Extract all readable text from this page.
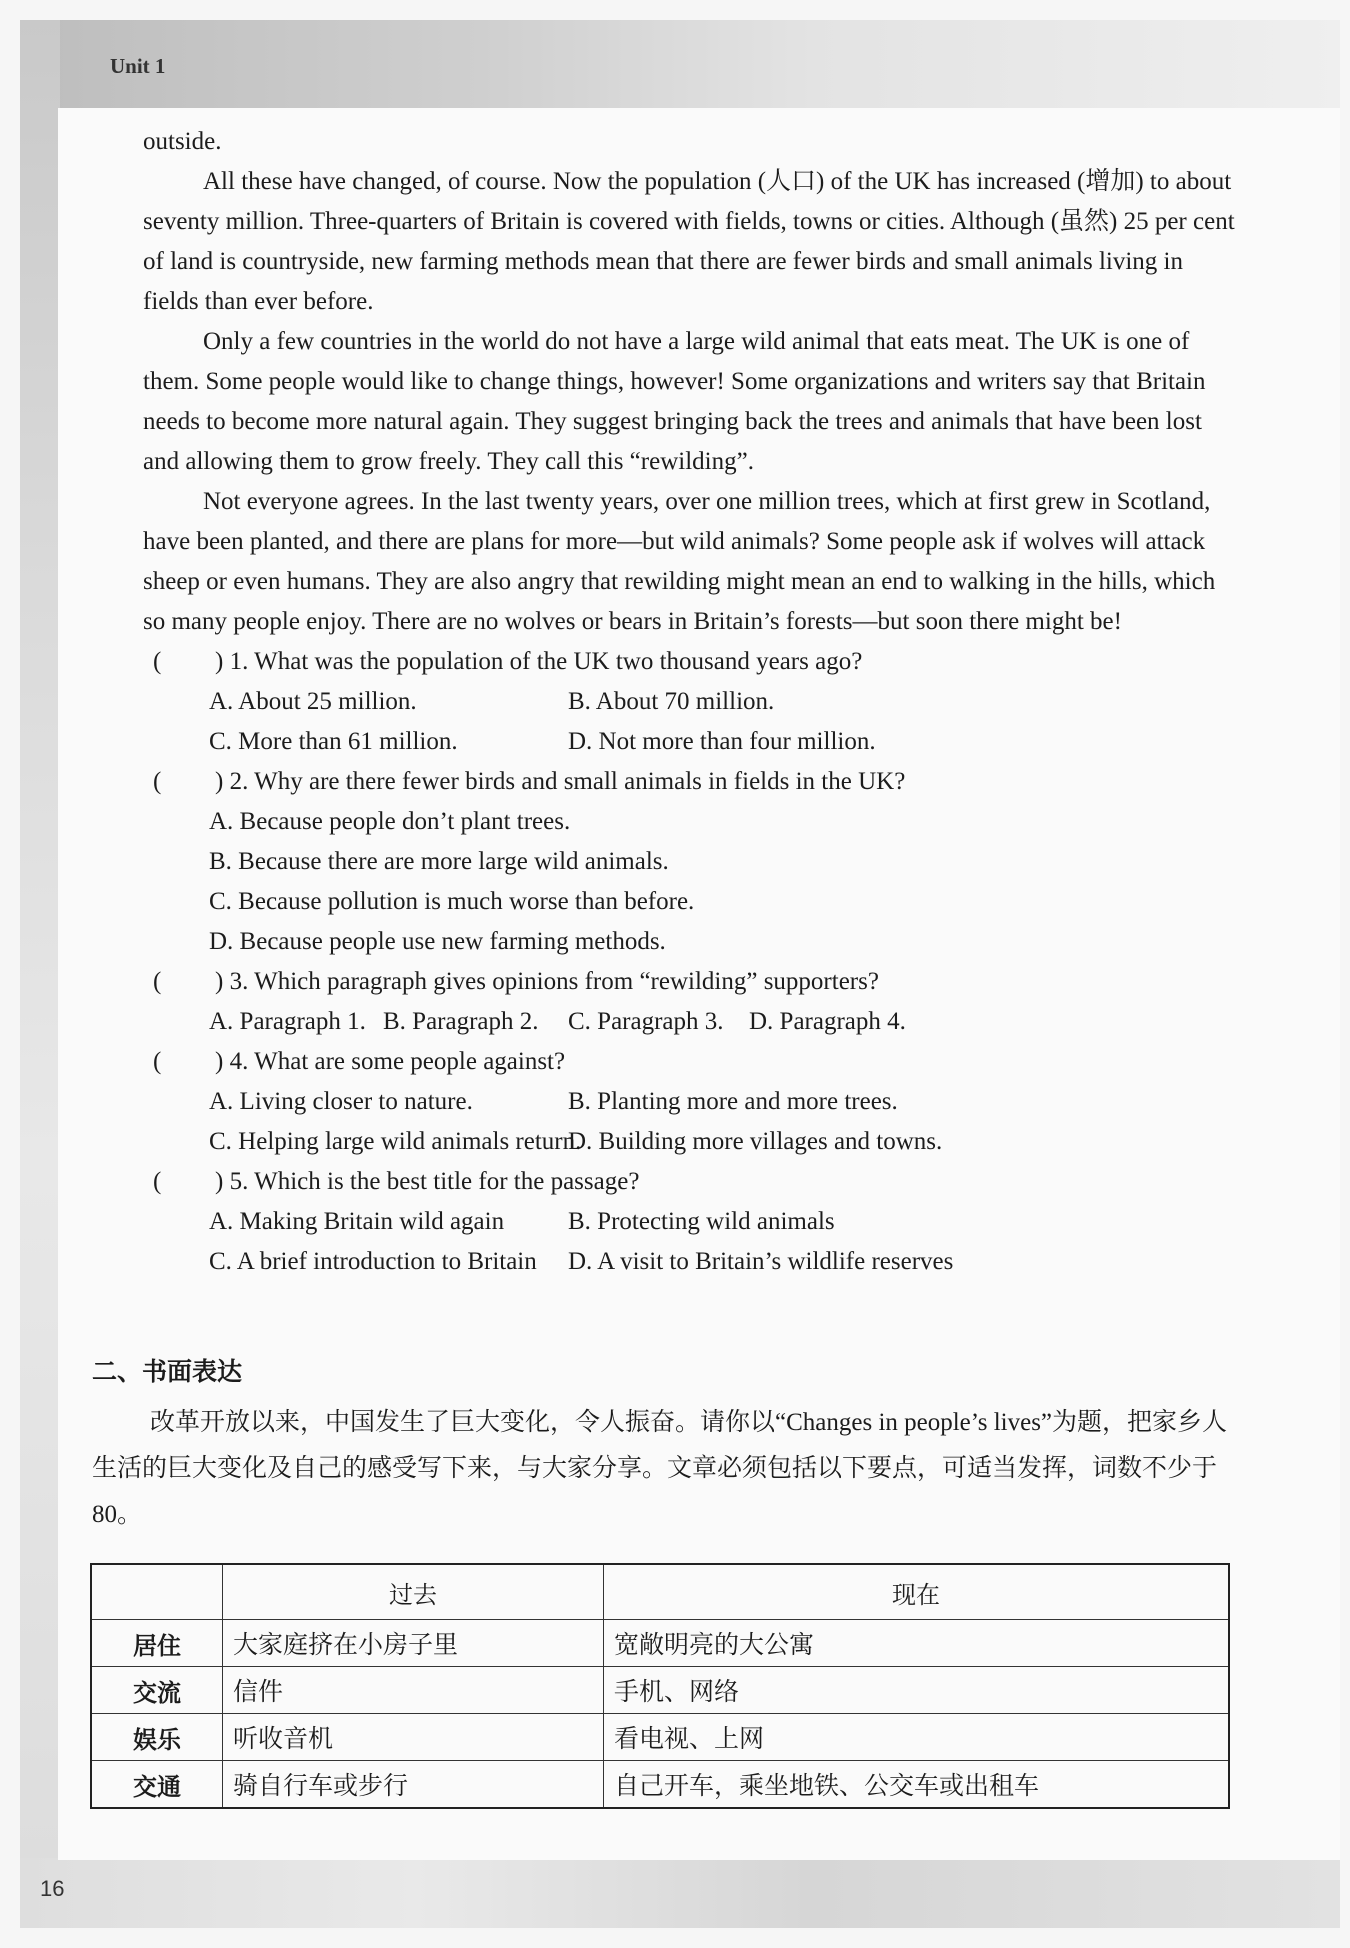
Unit 1

outside.

All these have changed, of course. Now the population (人口) of the UK has increased (增加) to about seventy million. Three-quarters of Britain is covered with fields, towns or cities. Although (虽然) 25 per cent of land is countryside, new farming methods mean that there are fewer birds and small animals living in fields than ever before.

Only a few countries in the world do not have a large wild animal that eats meat. The UK is one of them. Some people would like to change things, however! Some organizations and writers say that Britain needs to become more natural again. They suggest bringing back the trees and animals that have been lost and allowing them to grow freely. They call this “rewilding”.

Not everyone agrees. In the last twenty years, over one million trees, which at first grew in Scotland, have been planted, and there are plans for more—but wild animals? Some people ask if wolves will attack sheep or even humans. They are also angry that rewilding might mean an end to walking in the hills, which so many people enjoy. There are no wolves or bears in Britain’s forests—but soon there might be!

( ) 1. What was the population of the UK two thousand years ago?
A. About 25 million.	B. About 70 million.
C. More than 61 million.	D. Not more than four million.
( ) 2. Why are there fewer birds and small animals in fields in the UK?
A. Because people don’t plant trees.
B. Because there are more large wild animals.
C. Because pollution is much worse than before.
D. Because people use new farming methods.
( ) 3. Which paragraph gives opinions from “rewilding” supporters?
A. Paragraph 1. B. Paragraph 2. C. Paragraph 3. D. Paragraph 4.
( ) 4. What are some people against?
A. Living closer to nature.	B. Planting more and more trees.
C. Helping large wild animals return.
D. Building more villages and towns.
( ) 5. Which is the best title for the passage?
A. Making Britain wild again	B. Protecting wild animals
C. A brief introduction to Britain D. A visit to Britain’s wildlife reserves
二、书面表达

改革开放以来，中国发生了巨大变化，令人振奋。请你以“Changes in people’s lives”为题，把家乡人生活的巨大变化及自己的感受写下来，与大家分享。文章必须包括以下要点，可适当发挥，词数不少于80。

	过去	现在
居住	大家庭挤在小房子里	宽敞明亮的大公寓
交流	信件	手机、网络
娱乐	听收音机	看电视、上网
交通	骑自行车或步行	自己开车，乘坐地铁、公交车或出租车
16
